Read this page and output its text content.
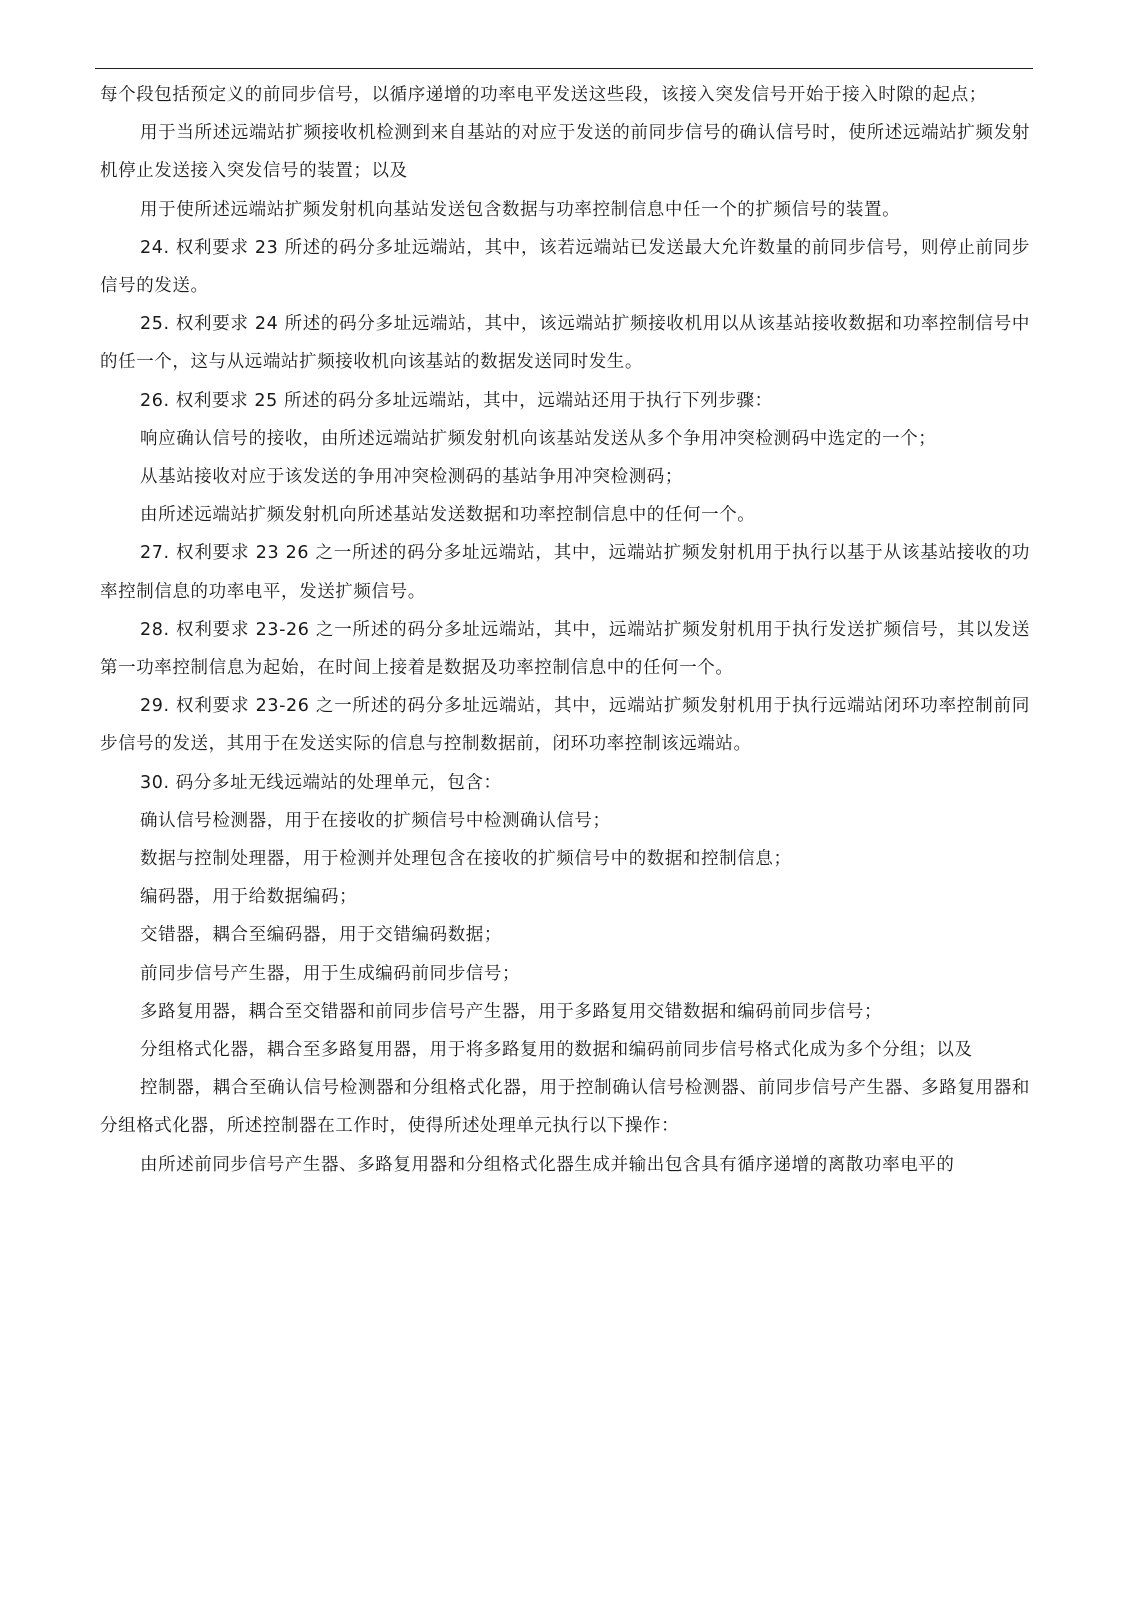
每个段包括预定义的前同步信号，以循序递增的功率电平发送这些段，该接入突发信号开始于接入时隙的起点；

用于当所述远端站扩频接收机检测到来自基站的对应于发送的前同步信号的确认信号时，使所述远端站扩频发射机停止发送接入突发信号的装置；以及

用于使所述远端站扩频发射机向基站发送包含数据与功率控制信息中任一个的扩频信号的装置。

24. 权利要求 23 所述的码分多址远端站，其中，该若远端站已发送最大允许数量的前同步信号，则停止前同步信号的发送。

25. 权利要求 24 所述的码分多址远端站，其中，该远端站扩频接收机用以从该基站接收数据和功率控制信号中的任一个，这与从远端站扩频接收机向该基站的数据发送同时发生。

26. 权利要求 25 所述的码分多址远端站，其中，远端站还用于执行下列步骤：

响应确认信号的接收，由所述远端站扩频发射机向该基站发送从多个争用冲突检测码中选定的一个；

从基站接收对应于该发送的争用冲突检测码的基站争用冲突检测码；

由所述远端站扩频发射机向所述基站发送数据和功率控制信息中的任何一个。

27. 权利要求 23 26 之一所述的码分多址远端站，其中，远端站扩频发射机用于执行以基于从该基站接收的功率控制信息的功率电平，发送扩频信号。

28. 权利要求 23-26 之一所述的码分多址远端站，其中，远端站扩频发射机用于执行发送扩频信号，其以发送第一功率控制信息为起始，在时间上接着是数据及功率控制信息中的任何一个。

29. 权利要求 23-26 之一所述的码分多址远端站，其中，远端站扩频发射机用于执行远端站闭环功率控制前同步信号的发送，其用于在发送实际的信息与控制数据前，闭环功率控制该远端站。

30. 码分多址无线远端站的处理单元，包含：

确认信号检测器，用于在接收的扩频信号中检测确认信号；

数据与控制处理器，用于检测并处理包含在接收的扩频信号中的数据和控制信息；

编码器，用于给数据编码；

交错器，耦合至编码器，用于交错编码数据；

前同步信号产生器，用于生成编码前同步信号；

多路复用器，耦合至交错器和前同步信号产生器，用于多路复用交错数据和编码前同步信号；

分组格式化器，耦合至多路复用器，用于将多路复用的数据和编码前同步信号格式化成为多个分组；以及

控制器，耦合至确认信号检测器和分组格式化器，用于控制确认信号检测器、前同步信号产生器、多路复用器和分组格式化器，所述控制器在工作时，使得所述处理单元执行以下操作：

由所述前同步信号产生器、多路复用器和分组格式化器生成并输出包含具有循序递增的离散功率电平的
